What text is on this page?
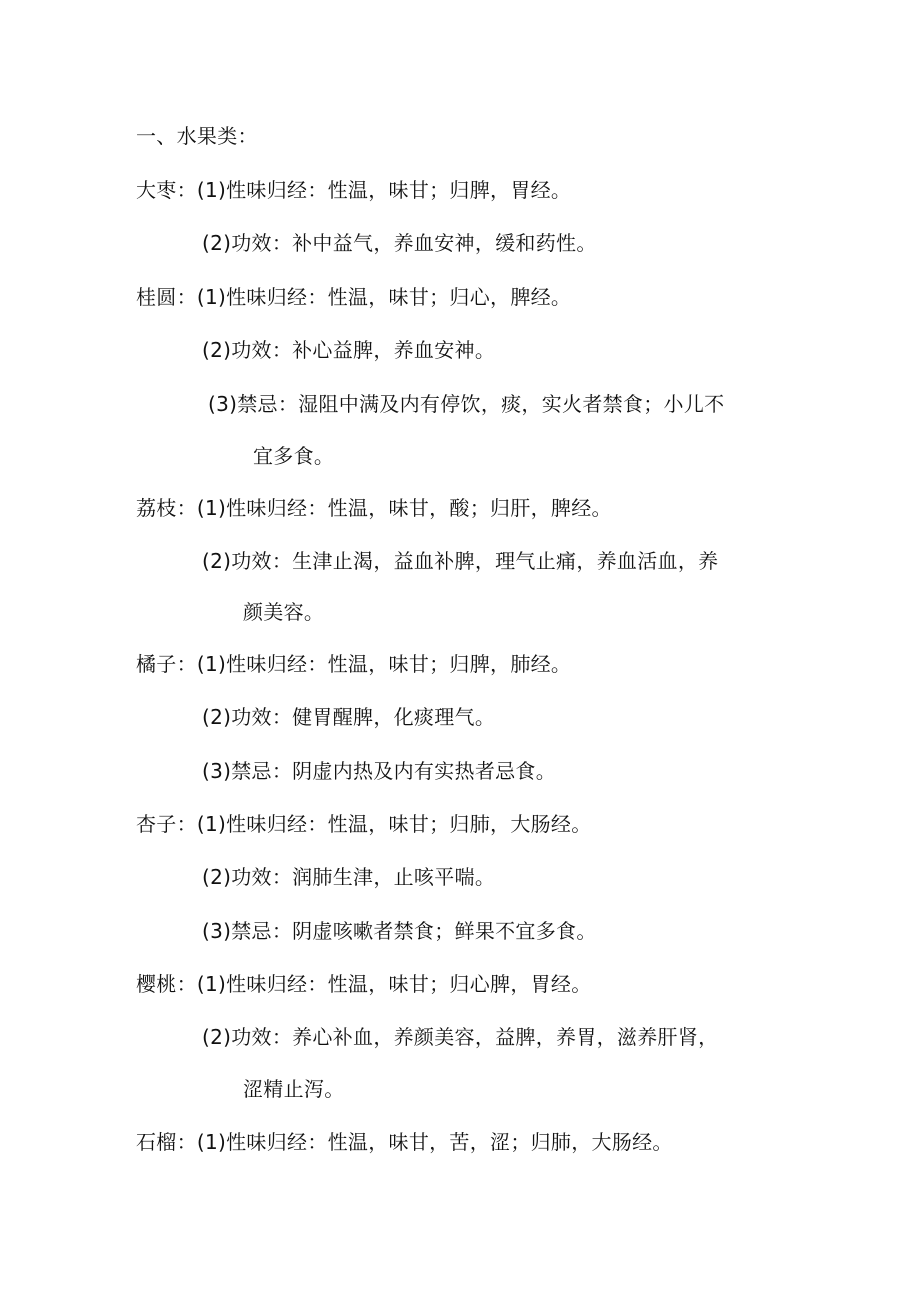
一、水果类：
大枣：(1)性味归经：性温，味甘；归脾，胃经。
(2)功效：补中益气，养血安神，缓和药性。
桂圆：(1)性味归经：性温，味甘；归心，脾经。
(2)功效：补心益脾，养血安神。
(3)禁忌：湿阻中满及内有停饮，痰，实火者禁食；小儿不
宜多食。
荔枝：(1)性味归经：性温，味甘，酸；归肝，脾经。
(2)功效：生津止渴，益血补脾，理气止痛，养血活血，养
颜美容。
橘子：(1)性味归经：性温，味甘；归脾，肺经。
(2)功效：健胃醒脾，化痰理气。
(3)禁忌：阴虚内热及内有实热者忌食。
杏子：(1)性味归经：性温，味甘；归肺，大肠经。
(2)功效：润肺生津，止咳平喘。
(3)禁忌：阴虚咳嗽者禁食；鲜果不宜多食。
樱桃：(1)性味归经：性温，味甘；归心脾，胃经。
(2)功效：养心补血，养颜美容，益脾，养胃，滋养肝肾，
涩精止泻。
石榴：(1)性味归经：性温，味甘，苦，涩；归肺，大肠经。
